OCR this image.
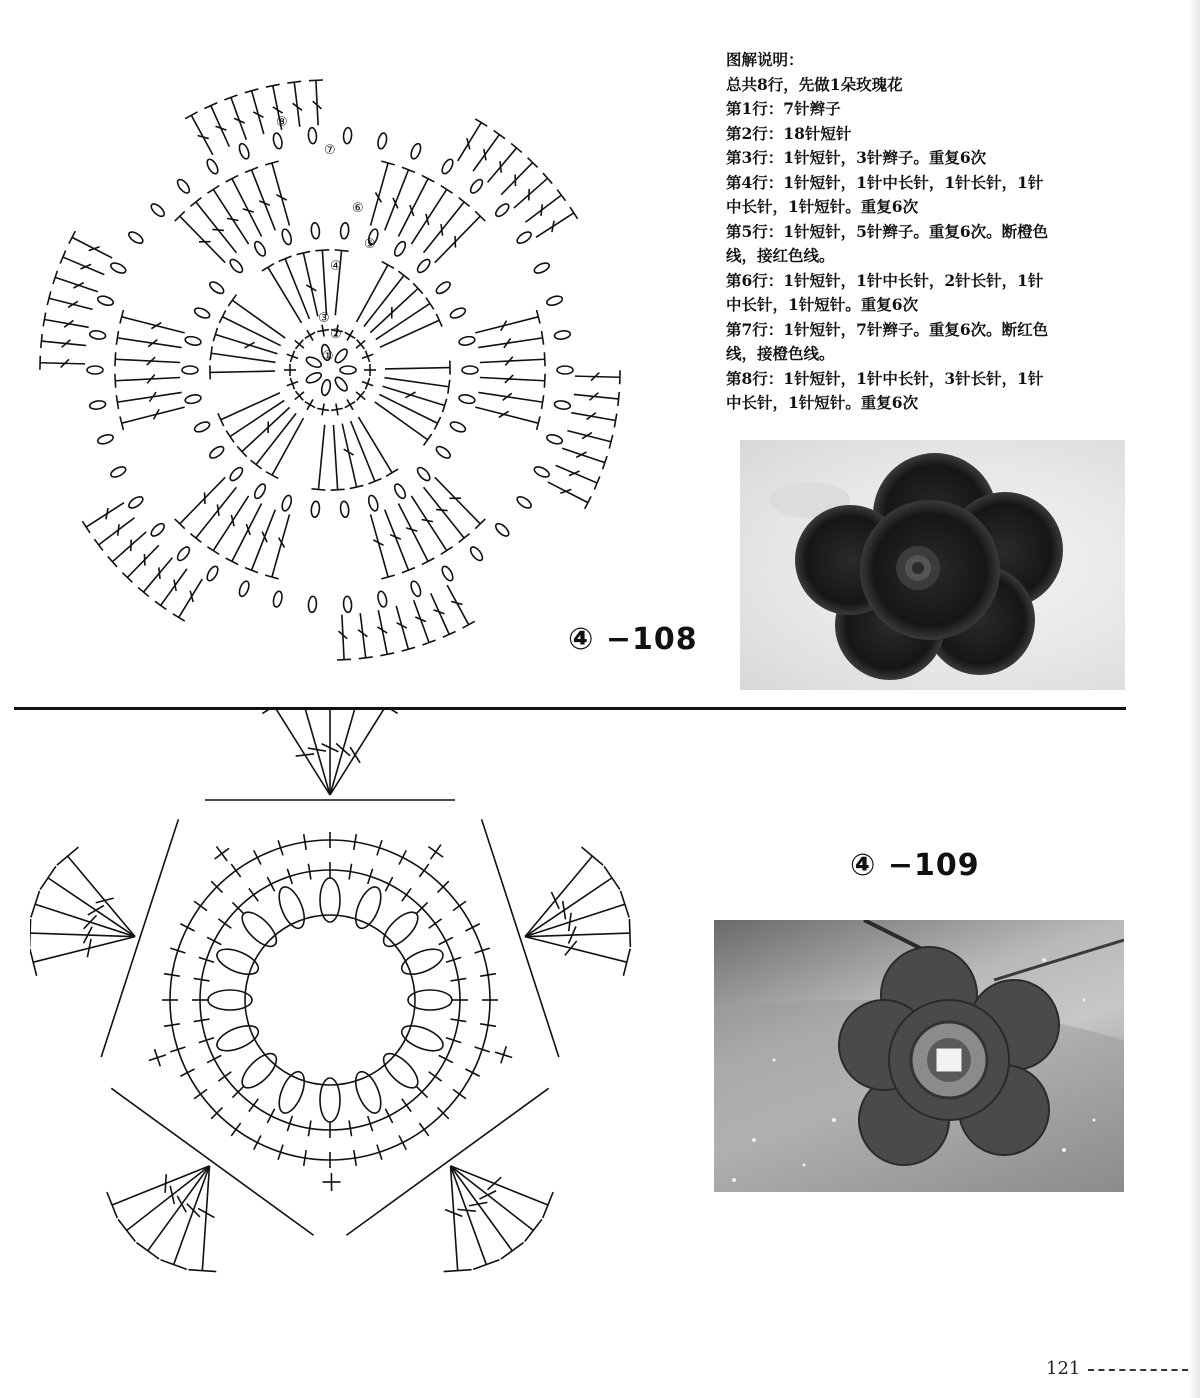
①
②
③
④
⑤
⑥
⑦
⑧
④ −108
图解说明：
总共8行，先做1朵玫瑰花
第1行：7针辫子
第2行：18针短针
第3行：1针短针，3针辫子。重复6次
第4行：1针短针，1针中长针，1针长针，1针
中长针，1针短针。重复6次
第5行：1针短针，5针辫子。重复6次。断橙色
线，接红色线。
第6行：1针短针，1针中长针，2针长针，1针
中长针，1针短针。重复6次
第7行：1针短针，7针辫子。重复6次。断红色
线，接橙色线。
第8行：1针短针，1针中长针，3针长针，1针
中长针，1针短针。重复6次
④ −109
121
